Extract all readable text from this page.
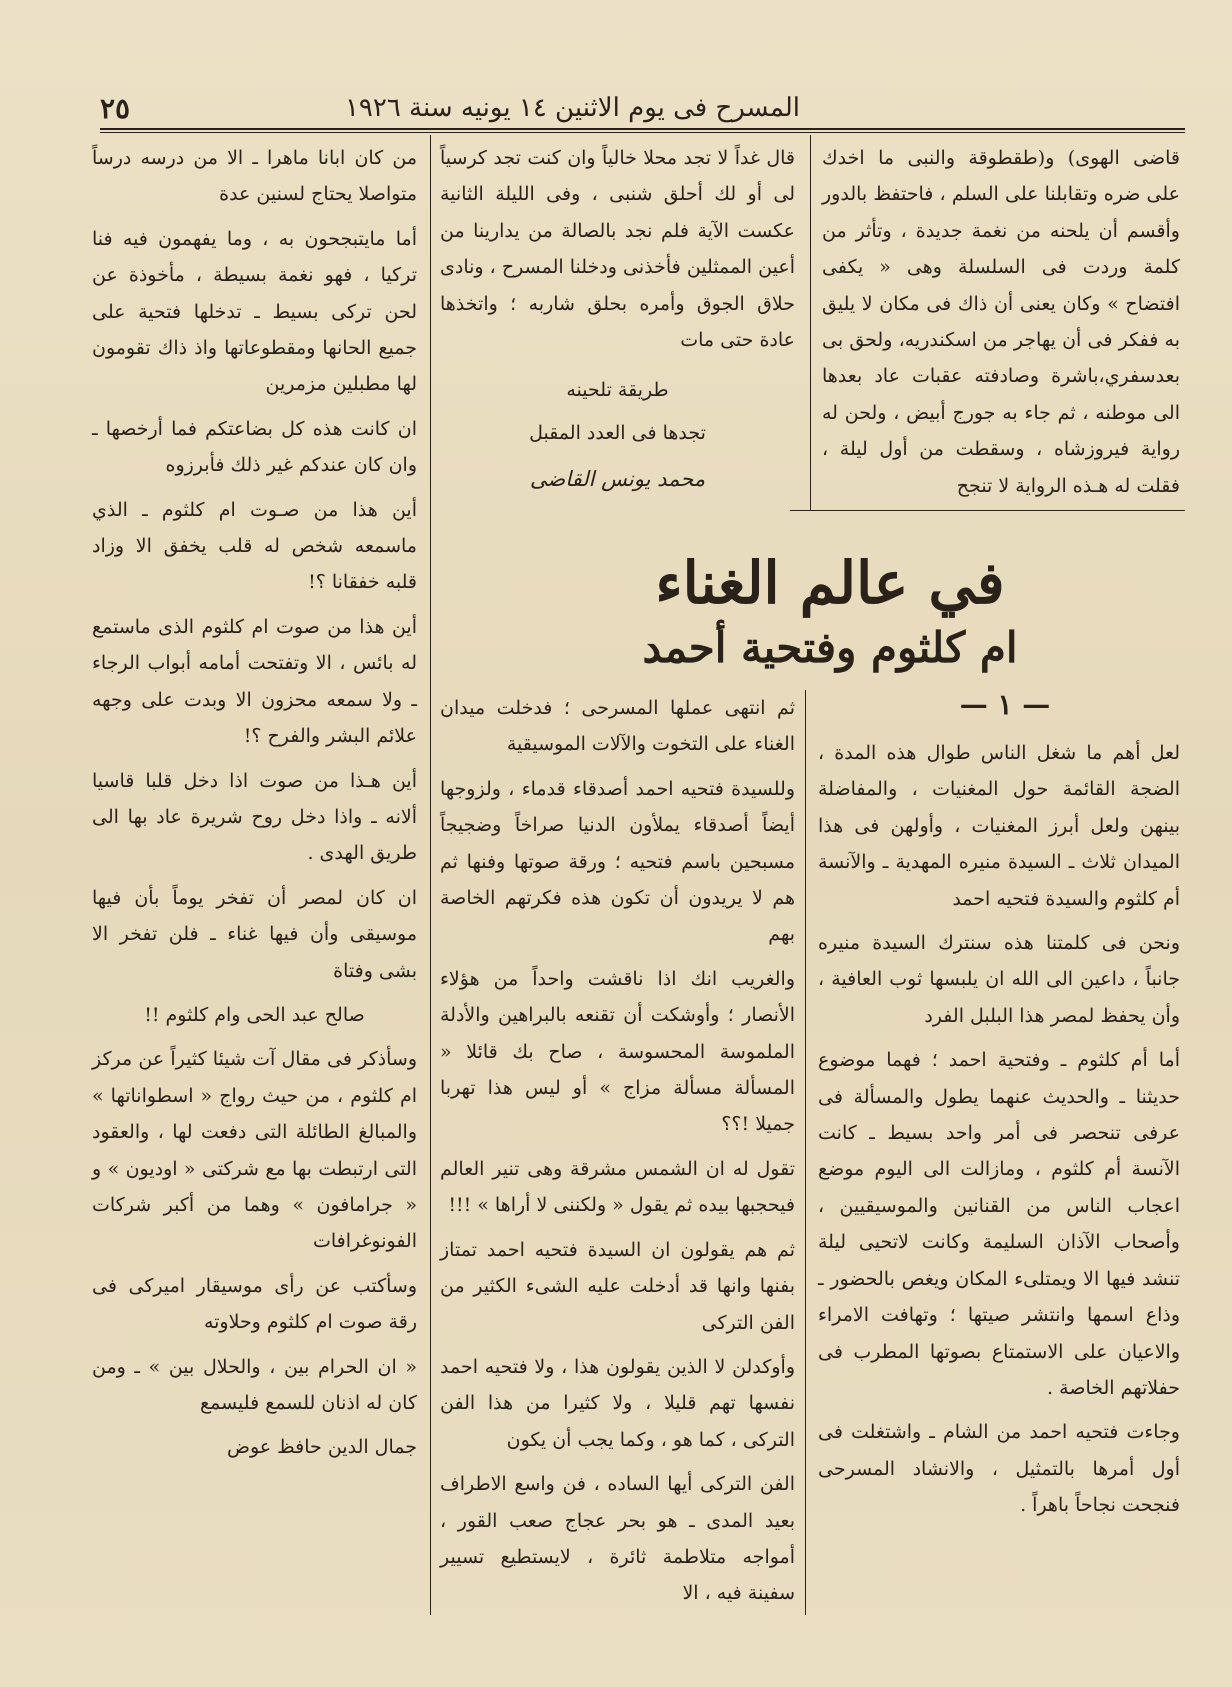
المسرح فى يوم الاثنين ١٤ يونيه سنة ١٩٢٦
٢٥

قاضى الهوى) و(طقطوقة والنبى ما اخدك على ضره وتقابلنا على السلم ، فاحتفظ بالدور وأقسم أن يلحنه من نغمة جديدة ، وتأثر من كلمة وردت فى السلسلة وهى « يكفى افتضاح » وكان يعنى أن ذاك فى مكان لا يليق به ففكر فى أن يهاجر من اسكندريه، ولحق بى بعدسفري،باشرة وصادفته عقبات عاد بعدها الى موطنه ، ثم جاء به جورج أبيض ، ولحن له رواية فيروزشاه ، وسقطت من أول ليلة ، فقلت له هـذه الرواية لا تنجح

قال غداً لا تجد محلا خالياً وان كنت تجد كرسياً لى أو لك أحلق شنبى ، وفى الليلة الثانية عكست الآية فلم نجد بالصالة من يدارينا من أعين الممثلين فأخذنى ودخلنا المسرح ، ونادى حلاق الجوق وأمره بحلق شاربه ؛ واتخذها عادة حتى مات

طريقة تلحينه
تجدها فى العدد المقبل
محمد يونس القاضى
في عالم الغناء
ام كلثوم وفتحية أحمد
— ١ —

لعل أهم ما شغل الناس طوال هذه المدة ، الضجة القائمة حول المغنيات ، والمفاضلة بينهن ولعل أبرز المغنيات ، وأولهن فى هذا الميدان ثلاث ـ السيدة منيره المهدية ـ والآنسة أم كلثوم والسيدة فتحيه احمد

ونحن فى كلمتنا هذه سنترك السيدة منيره جانباً ، داعين الى الله ان يلبسها ثوب العافية ، وأن يحفظ لمصر هذا البلبل الفرد

أما أم كلثوم ـ وفتحية احمد ؛ فهما موضوع حديثنا ـ والحديث عنهما يطول والمسألة فى عرفى تنحصر فى أمر واحد بسيط ـ كانت الآنسة أم كلثوم ، ومازالت الى اليوم موضع اعجاب الناس من القنانين والموسيقيين ، وأصحاب الآذان السليمة وكانت لاتحيى ليلة تنشد فيها الا ويمتلىء المكان ويغص بالحضور ـ وذاع اسمها وانتشر صيتها ؛ وتهافت الامراء والاعيان على الاستمتاع بصوتها المطرب فى حفلاتهم الخاصة .

وجاءت فتحيه احمد من الشام ـ واشتغلت فى أول أمرها بالتمثيل ، والانشاد المسرحى فنجحت نجاحاً باهراً .

ثم انتهى عملها المسرحى ؛ فدخلت ميدان الغناء على التخوت والآلات الموسيقية

وللسيدة فتحيه احمد أصدقاء قدماء ، ولزوجها أيضاً أصدقاء يملأون الدنيا صراخاً وضجيجاً مسبحين باسم فتحيه ؛ ورقة صوتها وفنها ثم هم لا يريدون أن تكون هذه فكرتهم الخاصة بهم

والغريب انك اذا ناقشت واحداً من هؤلاء الأنصار ؛ وأوشكت أن تقنعه بالبراهين والأدلة الملموسة المحسوسة ، صاح بك قائلا « المسألة مسألة مزاج » أو ليس هذا تهربا جميلا !؟؟

تقول له ان الشمس مشرقة وهى تنير العالم فيحجبها بيده ثم يقول « ولكننى لا أراها » !!!

ثم هم يقولون ان السيدة فتحيه احمد تمتاز بفنها وانها قد أدخلت عليه الشىء الكثير من الفن التركى

وأوكدلن لا الذين يقولون هذا ، ولا فتحيه احمد نفسها تهم قليلا ، ولا كثيرا من هذا الفن التركى ، كما هو ، وكما يجب أن يكون

الفن التركى أيها الساده ، فن واسع الاطراف بعيد المدى ـ هو بحر عجاج صعب القور ، أمواجه متلاطمة ثائرة ، لايستطيع تسيير سفينة فيه ، الا

من كان ابانا ماهرا ـ الا من درسه درساً متواصلا يحتاج لسنين عدة

أما مايتبجحون به ، وما يفهمون فيه فنا تركيا ، فهو نغمة بسيطة ، مأخوذة عن لحن تركى بسيط ـ تدخلها فتحية على جميع الحانها ومقطوعاتها واذ ذاك تقومون لها مطبلين مزمرين

ان كانت هذه كل بضاعتكم فما أرخصها ـ وان كان عندكم غير ذلك فأبرزوه

أين هذا من صـوت ام كلثوم ـ الذي ماسمعه شخص له قلب يخفق الا وزاد قلبه خفقانا ؟!

أين هذا من صوت ام كلثوم الذى ماستمع له بائس ، الا وتفتحت أمامه أبواب الرجاء ـ ولا سمعه محزون الا وبدت على وجهه علائم البشر والفرح ؟!

أين هـذا من صوت اذا دخل قلبا قاسيا ألانه ـ واذا دخل روح شريرة عاد بها الى طريق الهدى .

ان كان لمصر أن تفخر يوماً بأن فيها موسيقى وأن فيها غناء ـ فلن تفخر الا بشى وفتاة

صالح عبد الحى وام كلثوم !!

وسأذكر فى مقال آت شيئا كثيراً عن مركز ام كلثوم ، من حيث رواج « اسطواناتها » والمبالغ الطائلة التى دفعت لها ، والعقود التى ارتبطت بها مع شركتى « اوديون » و « جرامافون » وهما من أكبر شركات الفونوغرافات

وسأكتب عن رأى موسيقار اميركى فى رقة صوت ام كلثوم وحلاوته

« ان الحرام بين ، والحلال بين » ـ ومن كان له اذنان للسمع فليسمع

جمال الدين حافظ عوض
